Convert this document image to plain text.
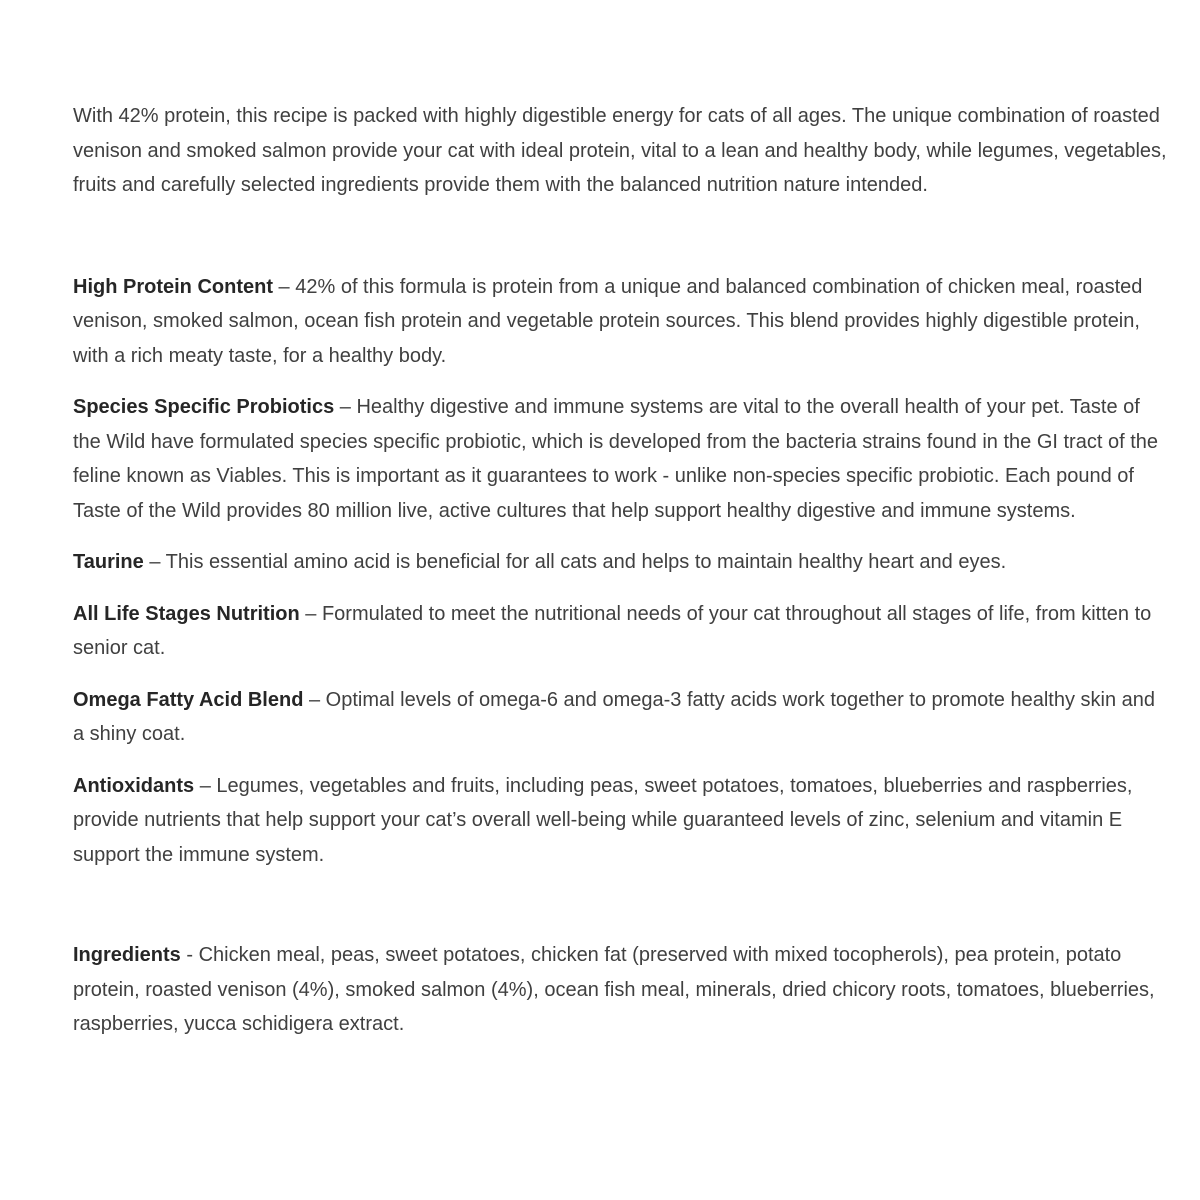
With 42% protein, this recipe is packed with highly digestible energy for cats of all ages. The unique combination of roasted venison and smoked salmon provide your cat with ideal protein, vital to a lean and healthy body, while legumes, vegetables, fruits and carefully selected ingredients provide them with the balanced nutrition nature intended.

High Protein Content – 42% of this formula is protein from a unique and balanced combination of chicken meal, roasted venison, smoked salmon, ocean fish protein and vegetable protein sources. This blend provides highly digestible protein, with a rich meaty taste, for a healthy body.

Species Specific Probiotics – Healthy digestive and immune systems are vital to the overall health of your pet. Taste of the Wild have formulated species specific probiotic, which is developed from the bacteria strains found in the GI tract of the feline known as Viables. This is important as it guarantees to work - unlike non-species specific probiotic. Each pound of Taste of the Wild provides 80 million live, active cultures that help support healthy digestive and immune systems.

Taurine – This essential amino acid is beneficial for all cats and helps to maintain healthy heart and eyes.

All Life Stages Nutrition – Formulated to meet the nutritional needs of your cat throughout all stages of life, from kitten to senior cat.

Omega Fatty Acid Blend – Optimal levels of omega-6 and omega-3 fatty acids work together to promote healthy skin and a shiny coat.

Antioxidants – Legumes, vegetables and fruits, including peas, sweet potatoes, tomatoes, blueberries and raspberries, provide nutrients that help support your cat’s overall well-being while guaranteed levels of zinc, selenium and vitamin E support the immune system.

Ingredients - Chicken meal, peas, sweet potatoes, chicken fat (preserved with mixed tocopherols), pea protein, potato protein, roasted venison (4%), smoked salmon (4%), ocean fish meal, minerals, dried chicory roots, tomatoes, blueberries, raspberries, yucca schidigera extract.
